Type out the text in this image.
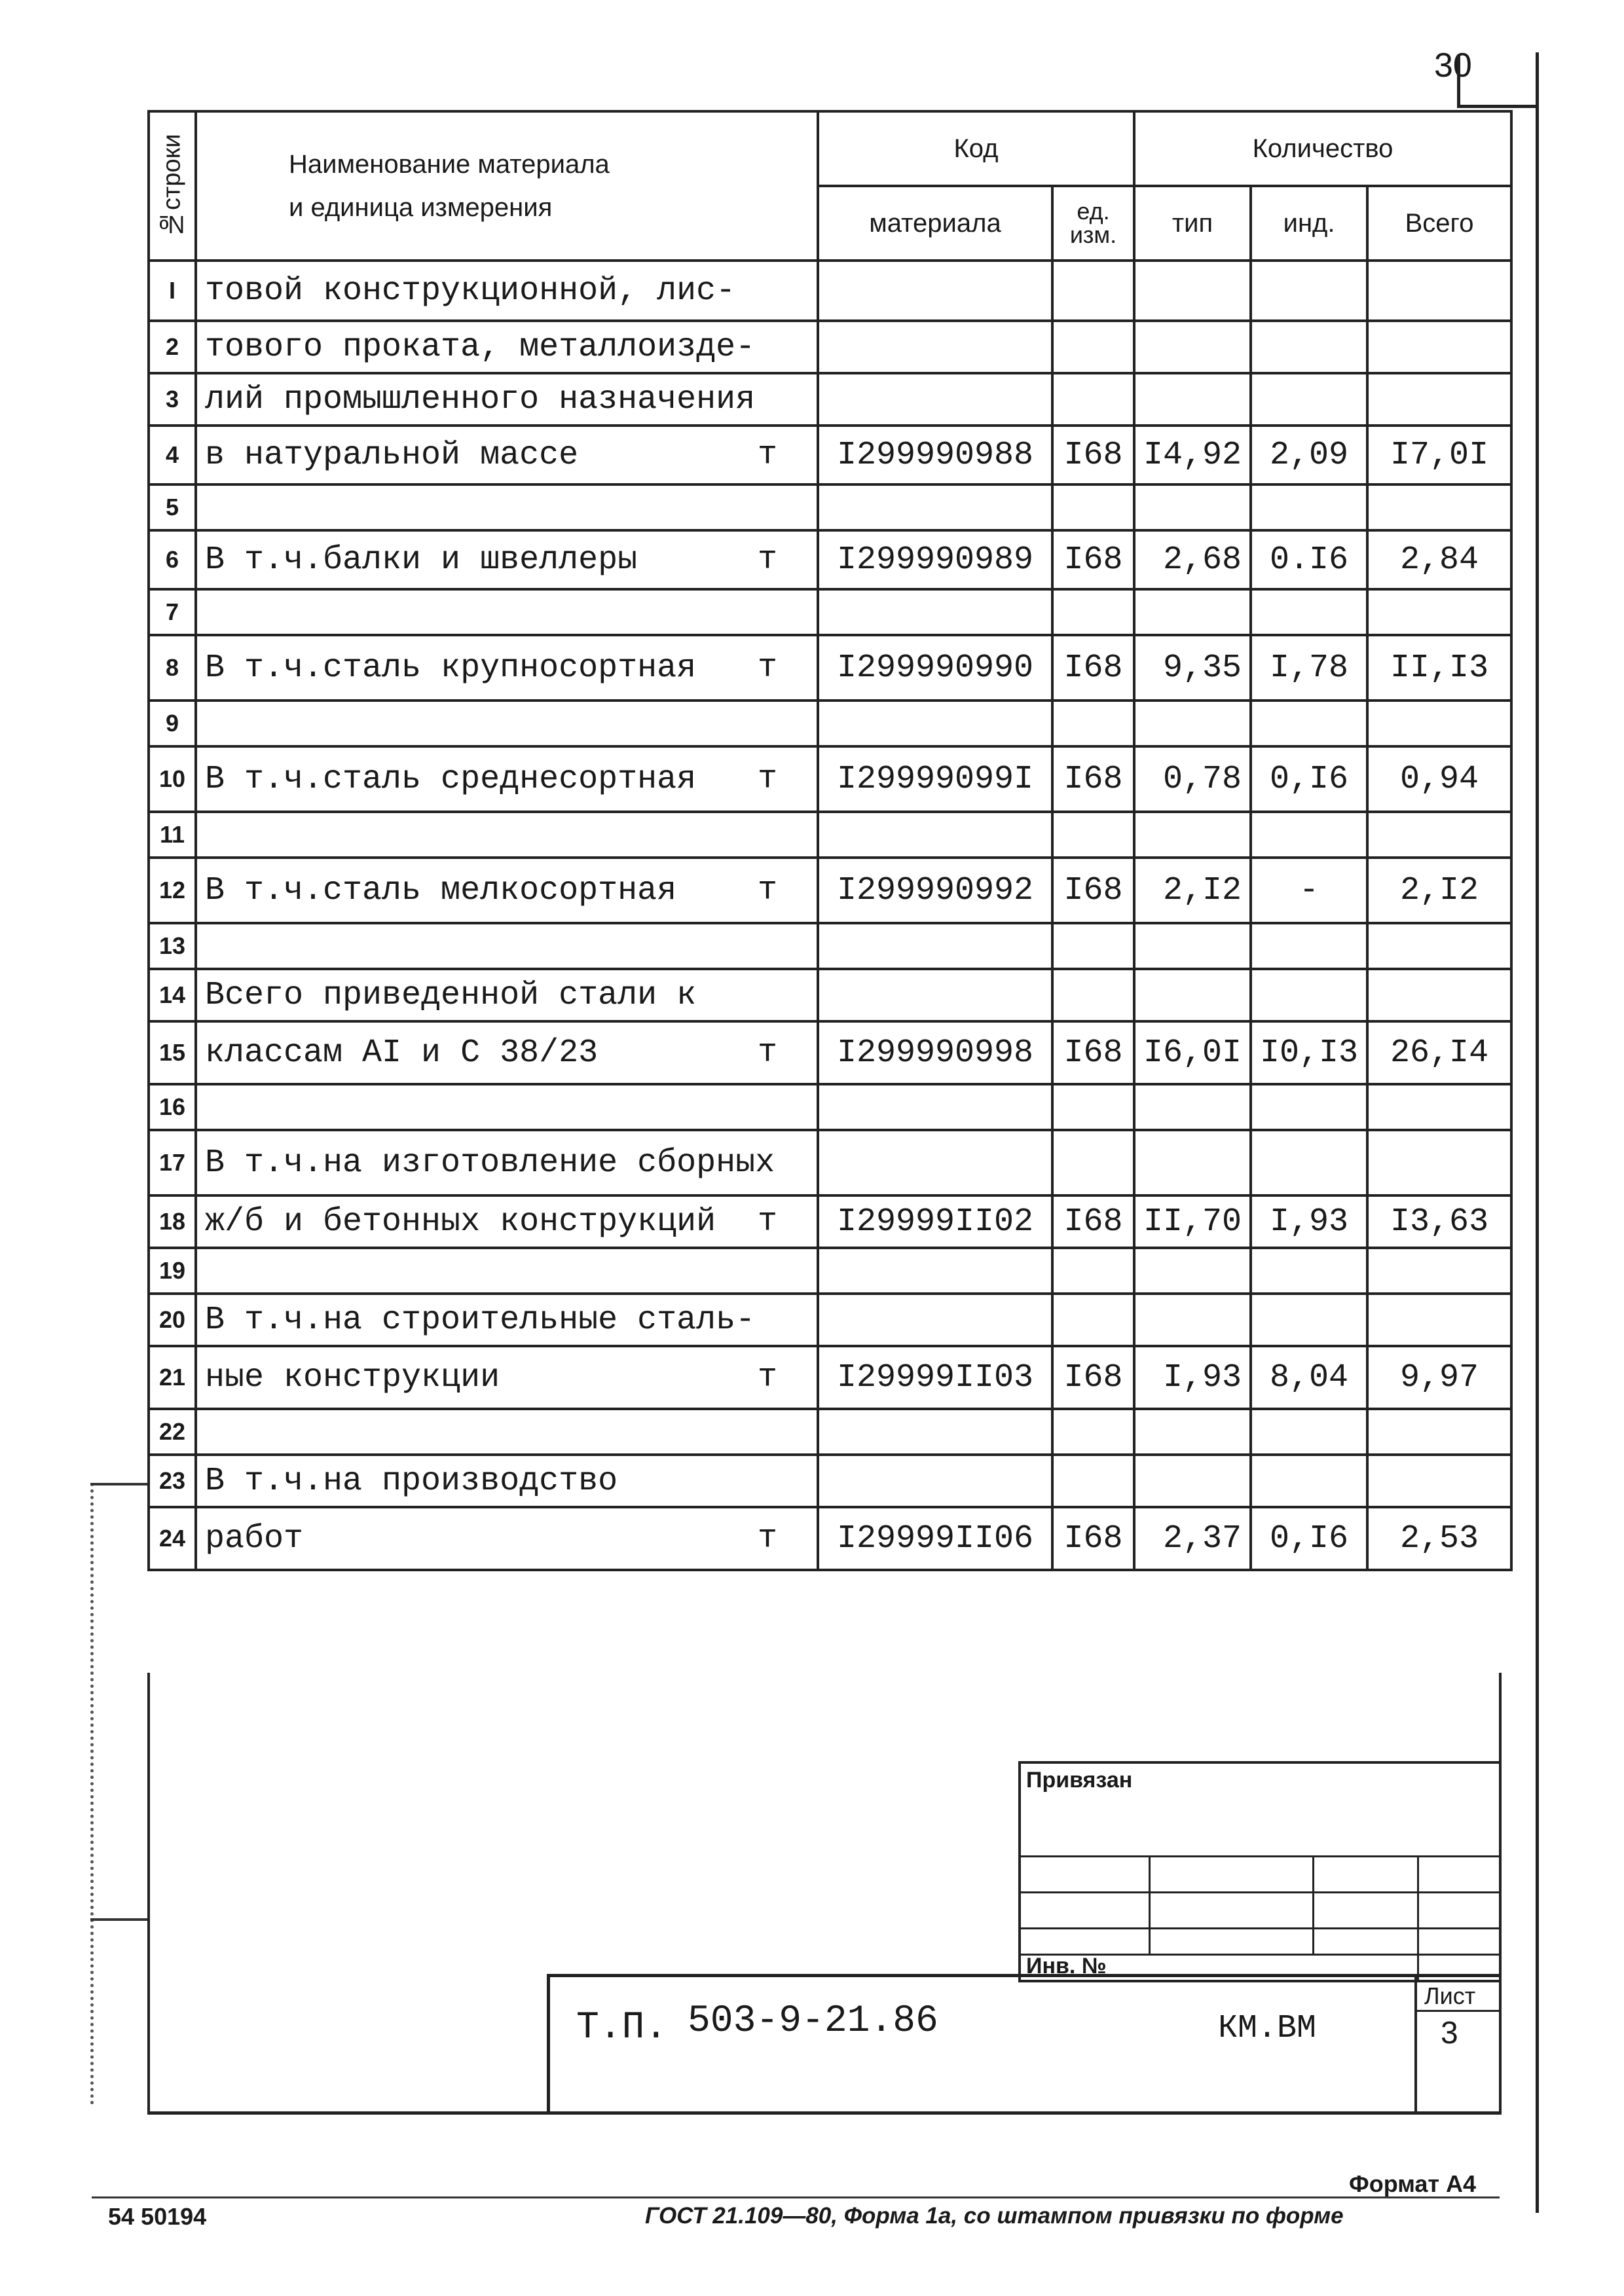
30
№строки	Наименование материала
и единица измерения	Код		Количество		
		материала	ед.
изм.	тип	инд.	Всего
I	товой конструкционной, лис-

2	тового проката, металлоизде-

3	лий промышленного назначения

4	в натуральной массе т	I299990988	I68	I4,92	2,09	I7,0I
5	

6	В т.ч.балки и швеллеры т	I299990989	I68	2,68	0.I6	2,84
7	

8	В т.ч.сталь крупносортная т	I299990990	I68	9,35	I,78	II,I3
9	

10	В т.ч.сталь среднесортная т	I29999099I	I68	0,78	0,I6	0,94
11	

12	В т.ч.сталь мелкосортная т	I299990992	I68	2,I2	-	2,I2
13	

14	Всего приведенной стали к

15	классам AI и С 38/23 т	I299990998	I68	I6,0I	I0,I3	26,I4
16	

17	В т.ч.на изготовление сборных

18	ж/б и бетонных конструкций т	I29999II02	I68	II,70	I,93	I3,63
19	

20	В т.ч.на строительные сталь-

21	ные конструкции т	I29999II03	I68	I,93	8,04	9,97
22	

23	В т.ч.на производство

24	работ т	I29999II06	I68	2,37	0,I6	2,53
Привязан
Инв. №
Т.П. 503-9-21.86	КМ.ВМ
Лист
3
Формат А4
54 50194	ГОСТ 21.109—80, Форма 1а, со штампом привязки по форме
